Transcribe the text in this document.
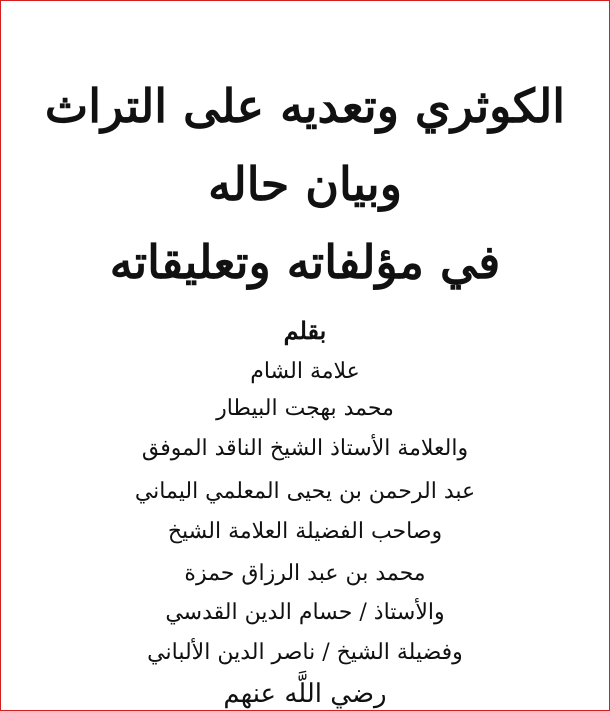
الكوثري وتعديه على التراث
وبيان حاله
في مؤلفاته وتعليقاته
بقلم
علامة الشام
محمد بهجت البيطار
والعلامة الأستاذ الشيخ الناقد الموفق
عبد الرحمن بن يحيى المعلمي اليماني
وصاحب الفضيلة العلامة الشيخ
محمد بن عبد الرزاق حمزة
والأستاذ / حسام الدين القدسي
وفضيلة الشيخ / ناصر الدين الألباني
رضي اللَّه عنهم
